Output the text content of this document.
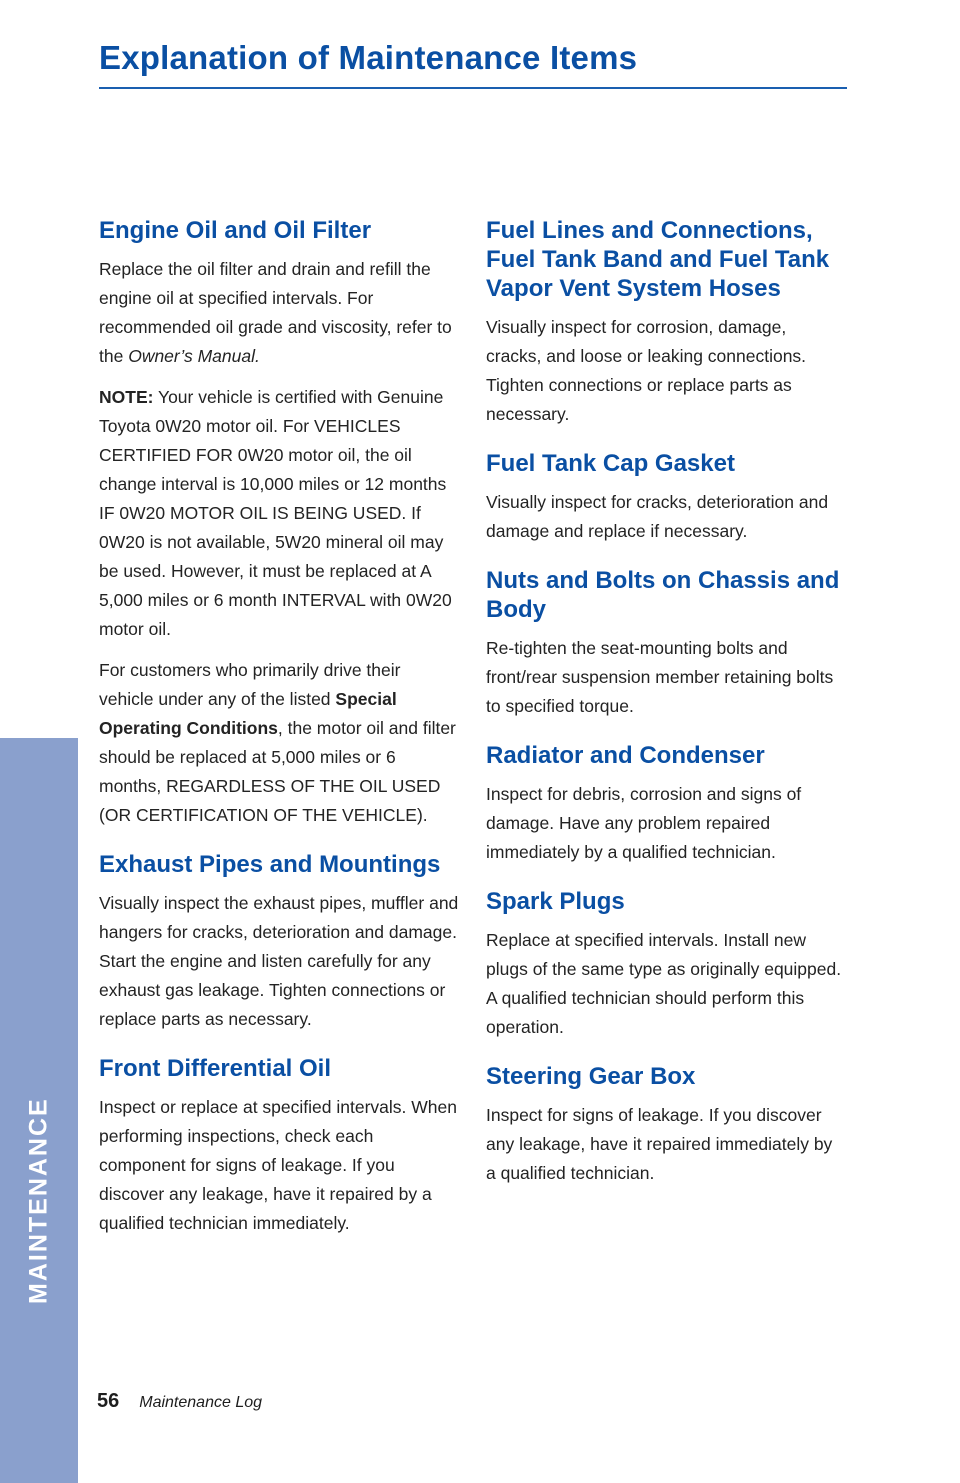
Explanation of Maintenance Items
Engine Oil and Oil Filter

Replace the oil filter and drain and refill the engine oil at specified intervals. For recommended oil grade and viscosity, refer to the Owner’s Manual.

NOTE: Your vehicle is certified with Genuine Toyota 0W20 motor oil. For VEHICLES CERTIFIED FOR 0W20 motor oil, the oil change interval is 10,000 miles or 12 months IF 0W20 MOTOR OIL IS BEING USED. If 0W20 is not available, 5W20 mineral oil may be used. However, it must be replaced at A 5,000 miles or 6 month INTERVAL with 0W20 motor oil.

For customers who primarily drive their vehicle under any of the listed Special Operating Conditions, the motor oil and filter should be replaced at 5,000 miles or 6 months, REGARDLESS OF THE OIL USED (OR CERTIFICATION OF THE VEHICLE).

Exhaust Pipes and Mountings

Visually inspect the exhaust pipes, muffler and hangers for cracks, deterioration and damage. Start the engine and listen carefully for any exhaust gas leakage. Tighten connections or replace parts as necessary.

Front Differential Oil

Inspect or replace at specified intervals. When performing inspections, check each component for signs of leakage. If you discover any leakage, have it repaired by a qualified technician immediately.

Fuel Lines and Connections, Fuel Tank Band and Fuel Tank Vapor Vent System Hoses

Visually inspect for corrosion, damage, cracks, and loose or leaking connections. Tighten connections or replace parts as necessary.

Fuel Tank Cap Gasket

Visually inspect for cracks, deterioration and damage and replace if necessary.

Nuts and Bolts on Chassis and Body

Re-tighten the seat-mounting bolts and front/rear suspension member retaining bolts to specified torque.

Radiator and Condenser

Inspect for debris, corrosion and signs of damage. Have any problem repaired immediately by a qualified technician.

Spark Plugs

Replace at specified intervals. Install new plugs of the same type as originally equipped. A qualified technician should perform this operation.

Steering Gear Box

Inspect for signs of leakage. If you discover any leakage, have it repaired immediately by a qualified technician.

MAINTENANCE
56 Maintenance Log
